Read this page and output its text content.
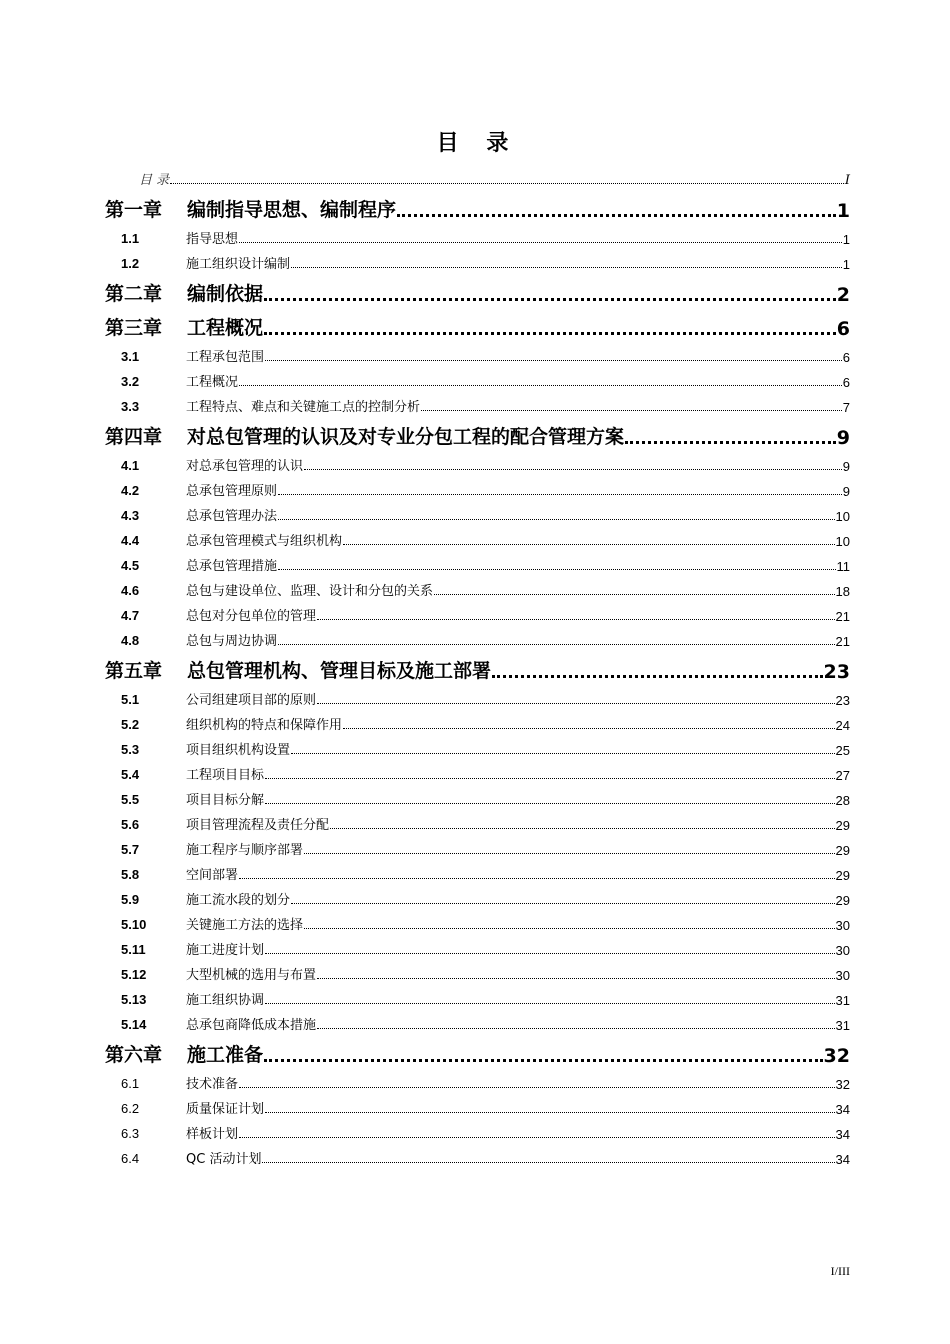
目 录
目 录	I
第一章 编制指导思想、编制程序	1
1.1	指导思想	1
1.2	施工组织设计编制	1
第二章 编制依据	2
第三章 工程概况	6
3.1	工程承包范围	6
3.2	工程概况	6
3.3	工程特点、难点和关键施工点的控制分析	7
第四章 对总包管理的认识及对专业分包工程的配合管理方案	9
4.1	对总承包管理的认识	9
4.2	总承包管理原则	9
4.3	总承包管理办法	10
4.4	总承包管理模式与组织机构	10
4.5	总承包管理措施	11
4.6	总包与建设单位、监理、设计和分包的关系	18
4.7	总包对分包单位的管理	21
4.8	总包与周边协调	21
第五章 总包管理机构、管理目标及施工部署	23
5.1	公司组建项目部的原则	23
5.2	组织机构的特点和保障作用	24
5.3	项目组织机构设置	25
5.4	工程项目目标	27
5.5	项目目标分解	28
5.6	项目管理流程及责任分配	29
5.7	施工程序与顺序部署	29
5.8	空间部署	29
5.9	施工流水段的划分	29
5.10	关键施工方法的选择	30
5.11	施工进度计划	30
5.12	大型机械的选用与布置	30
5.13	施工组织协调	31
5.14	总承包商降低成本措施	31
第六章 施工准备	32
6.1	技术准备	32
6.2	质量保证计划	34
6.3	样板计划	34
6.4	QC 活动计划	34
I/III
